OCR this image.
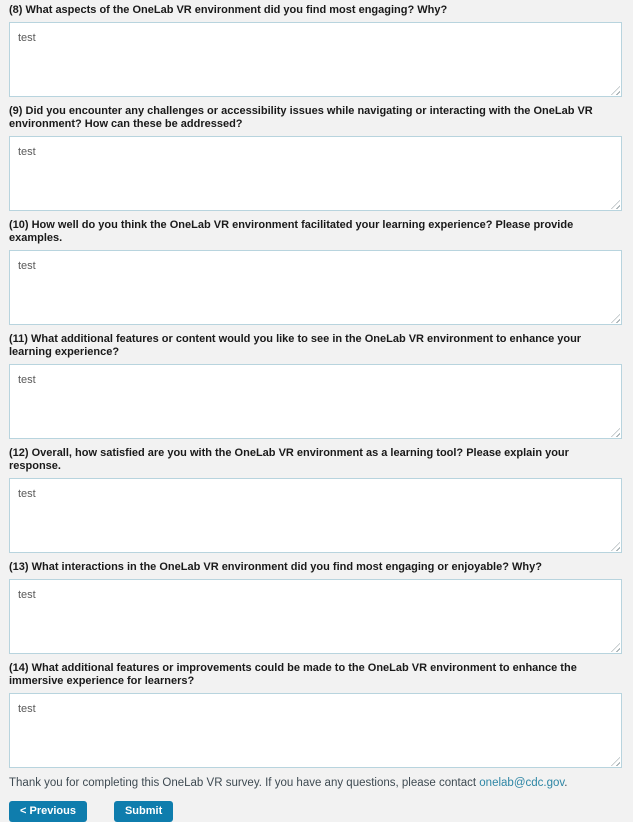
(8) What aspects of the OneLab VR environment did you find most engaging? Why?
test
(9) Did you encounter any challenges or accessibility issues while navigating or interacting with the OneLab VR environment? How can these be addressed?
test
(10) How well do you think the OneLab VR environment facilitated your learning experience? Please provide examples.
test
(11) What additional features or content would you like to see in the OneLab VR environment to enhance your learning experience?
test
(12) Overall, how satisfied are you with the OneLab VR environment as a learning tool? Please explain your response.
test
(13) What interactions in the OneLab VR environment did you find most engaging or enjoyable? Why?
test
(14) What additional features or improvements could be made to the OneLab VR environment to enhance the immersive experience for learners?
test

Thank you for completing this OneLab VR survey. If you have any questions, please contact onelab@cdc.gov.

< Previous	Submit
